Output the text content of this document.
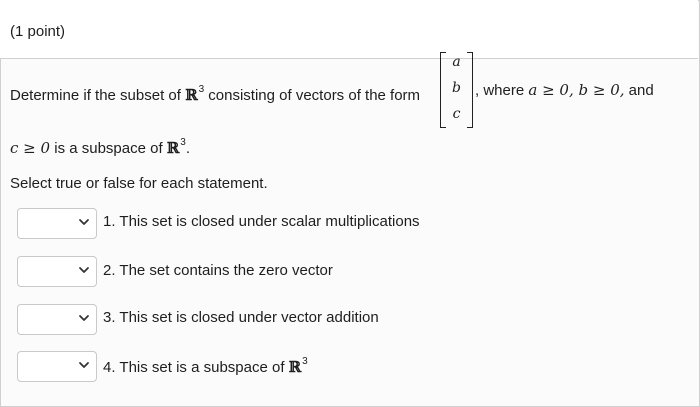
(1 point)
Determine if the subset of ℝ$^3$ consisting of vectors of the form
a
b
c
, where a ≥ 0, b ≥ 0, and
c ≥ 0 is a subspace of ℝ$^3$.
Select true or false for each statement.
1. This set is closed under scalar multiplications
2. The set contains the zero vector
3. This set is closed under vector addition
4. This set is a subspace of ℝ$^3$
